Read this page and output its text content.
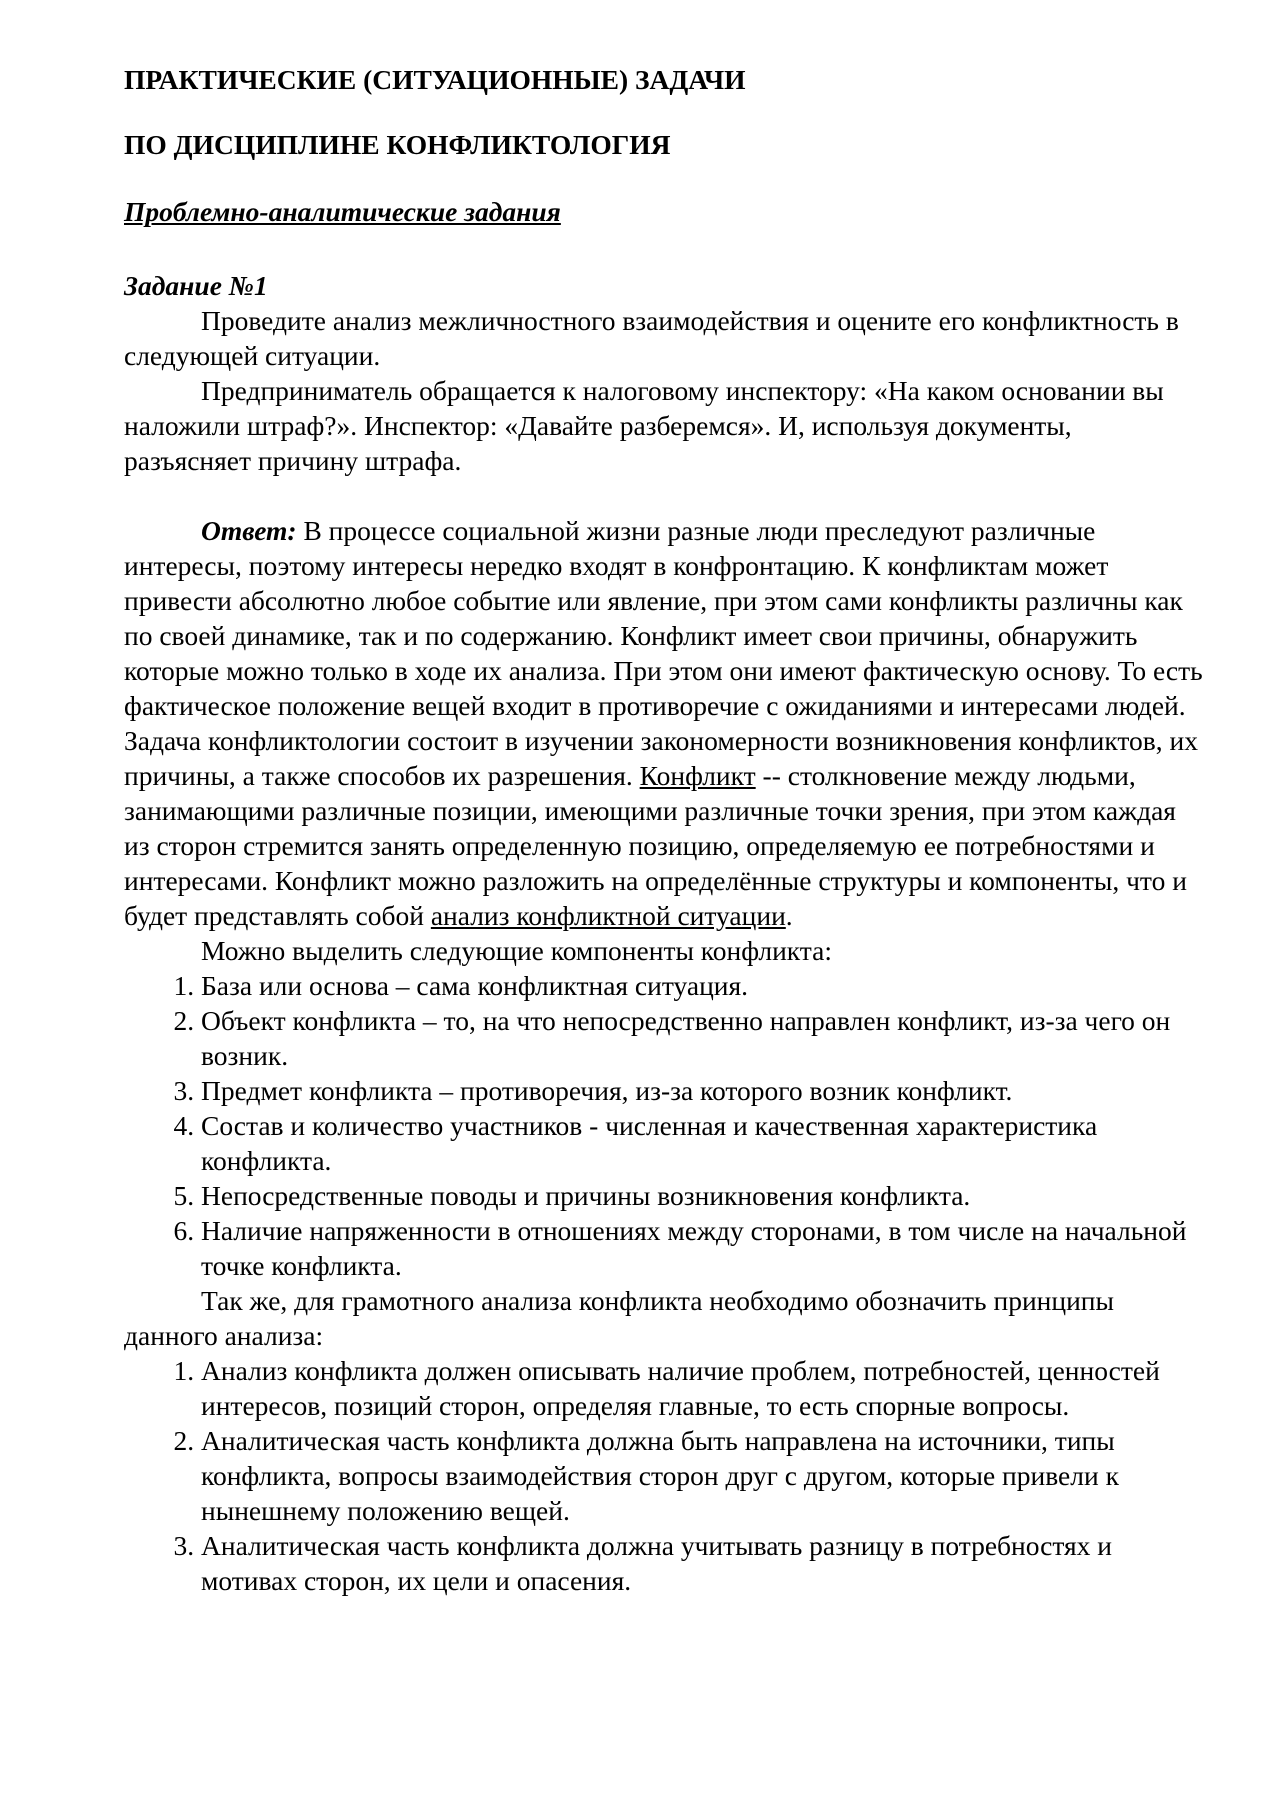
ПРАКТИЧЕСКИЕ (СИТУАЦИОННЫЕ) ЗАДАЧИ

ПО ДИСЦИПЛИНЕ КОНФЛИКТОЛОГИЯ

Проблемно-аналитические задания

Задание №1

Проведите анализ межличностного взаимодействия и оцените его конфликтность в следующей ситуации.

Предприниматель обращается к налоговому инспектору: «На каком основании вы наложили штраф?». Инспектор: «Давайте разберемся». И, используя документы, разъясняет причину штрафа.

Ответ: В процессе социальной жизни разные люди преследуют различные интересы, поэтому интересы нередко входят в конфронтацию. К конфликтам может привести абсолютно любое событие или явление, при этом сами конфликты различны как по своей динамике, так и по содержанию. Конфликт имеет свои причины, обнаружить которые можно только в ходе их анализа. При этом они имеют фактическую основу. То есть фактическое положение вещей входит в противоречие с ожиданиями и интересами людей. Задача конфликтологии состоит в изучении закономерности возникновения конфликтов, их причины, а также способов их разрешения. Конфликт -- столкновение между людьми, занимающими различные позиции, имеющими различные точки зрения, при этом каждая из сторон стремится занять определенную позицию, определяемую ее потребностями и интересами. Конфликт можно разложить на определённые структуры и компоненты, что и будет представлять собой анализ конфликтной ситуации.

Можно выделить следующие компоненты конфликта:

1. База или основа – сама конфликтная ситуация.
2. Объект конфликта – то, на что непосредственно направлен конфликт, из-за чего он возник.
3. Предмет конфликта – противоречия, из-за которого возник конфликт.
4. Состав и количество участников - численная и качественная характеристика конфликта.
5. Непосредственные поводы и причины возникновения конфликта.
6. Наличие напряженности в отношениях между сторонами, в том числе на начальной точке конфликта.

Так же, для грамотного анализа конфликта необходимо обозначить принципы данного анализа:

1. Анализ конфликта должен описывать наличие проблем, потребностей, ценностей интересов, позиций сторон, определяя главные, то есть спорные вопросы.
2. Аналитическая часть конфликта должна быть направлена на источники, типы конфликта, вопросы взаимодействия сторон друг с другом, которые привели к нынешнему положению вещей.
3. Аналитическая часть конфликта должна учитывать разницу в потребностях и мотивах сторон, их цели и опасения.
